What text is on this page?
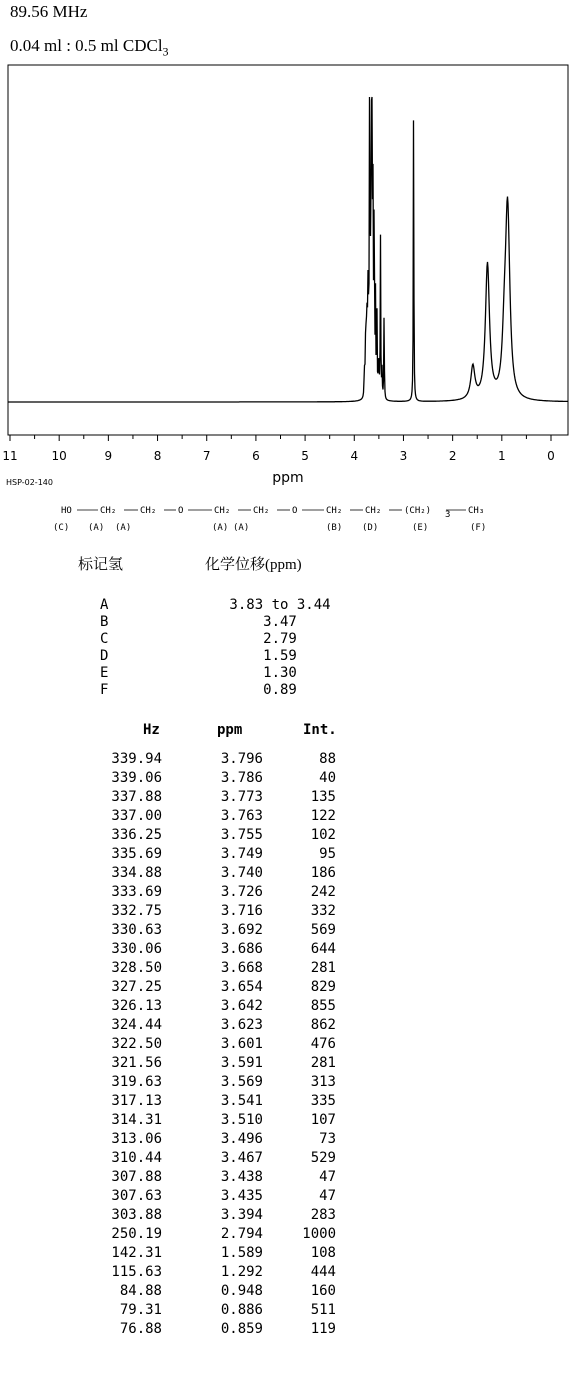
89.56 MHz
0.04 ml : 0.5 ml CDCl$_3$
11	10	9	8	7	6	5	4	3	2	1	0
ppm
HSP-02-140
HO	CH₂	CH₂ O	CH₂	CH₂	O	CH₂	CH₂	(CH₂)	CH₃
3
(C) (A) (A)	(A) (A)	(B) (D)	(E)	(F)
标记氢	化学位移(ppm)
A	3.83 to 3.44
B	3.47
C	2.79
D	1.59
E	1.30
F	0.89
Hz	ppm	Int.
339.94	3.796	88
339.06	3.786	40
337.88	3.773	135
337.00	3.763	122
336.25	3.755	102
335.69	3.749	95
334.88	3.740	186
333.69	3.726	242
332.75	3.716	332
330.63	3.692	569
330.06	3.686	644
328.50	3.668	281
327.25	3.654	829
326.13	3.642	855
324.44	3.623	862
322.50	3.601	476
321.56	3.591	281
319.63	3.569	313
317.13	3.541	335
314.31	3.510	107
313.06	3.496	73
310.44	3.467	529
307.88	3.438	47
307.63	3.435	47
303.88	3.394	283
250.19	2.794	1000
142.31	1.589	108
115.63	1.292	444
84.88	0.948	160
79.31	0.886	511
76.88	0.859	119
